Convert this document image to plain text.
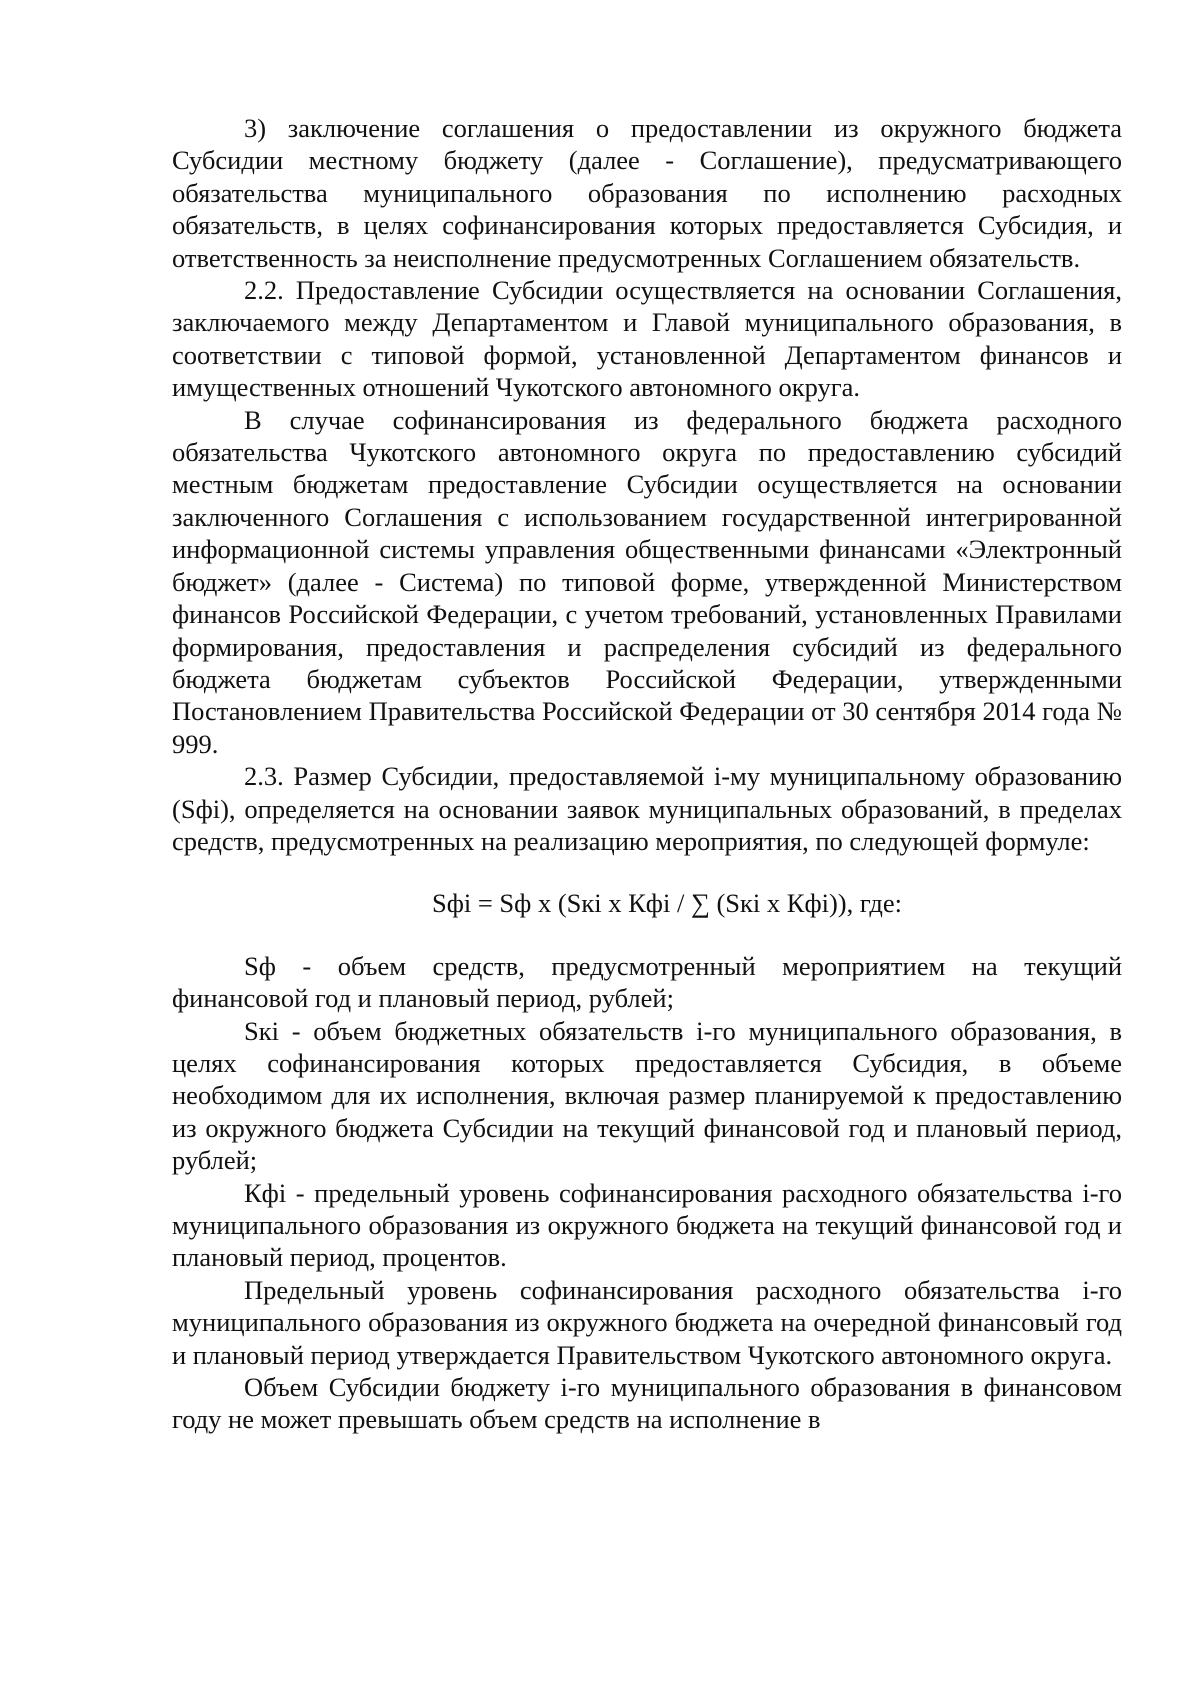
3) заключение соглашения о предоставлении из окружного бюджета Субсидии местному бюджету (далее - Соглашение), предусматривающего обязательства муниципального образования по исполнению расходных обязательств, в целях софинансирования которых предоставляется Субсидия, и ответственность за неисполнение предусмотренных Соглашением обязательств.

2.2. Предоставление Субсидии осуществляется на основании Соглашения, заключаемого между Департаментом и Главой муниципального образования, в соответствии с типовой формой, установленной Департаментом финансов и имущественных отношений Чукотского автономного округа.

В случае софинансирования из федерального бюджета расходного обязательства Чукотского автономного округа по предоставлению субсидий местным бюджетам предоставление Субсидии осуществляется на основании заключенного Соглашения с использованием государственной интегрированной информационной системы управления общественными финансами «Электронный бюджет» (далее - Система) по типовой форме, утвержденной Министерством финансов Российской Федерации, с учетом требований, установленных Правилами формирования, предоставления и распределения субсидий из федерального бюджета бюджетам субъектов Российской Федерации, утвержденными Постановлением Правительства Российской Федерации от 30 сентября 2014 года № 999.

2.3. Размер Субсидии, предоставляемой i-му муниципальному образованию (Sфi), определяется на основании заявок муниципальных образований, в пределах средств, предусмотренных на реализацию мероприятия, по следующей формуле:

Sфi = Sф x (Sкi x Кфi / ∑ (Sкi x Кфi)), где:

Sф - объем средств, предусмотренный мероприятием на текущий финансовой год и плановый период, рублей;

Sкi - объем бюджетных обязательств i-го муниципального образования, в целях софинансирования которых предоставляется Субсидия, в объеме необходимом для их исполнения, включая размер планируемой к предоставлению из окружного бюджета Субсидии на текущий финансовой год и плановый период, рублей;

Кфi - предельный уровень софинансирования расходного обязательства i-го муниципального образования из окружного бюджета на текущий финансовой год и плановый период, процентов.

Предельный уровень софинансирования расходного обязательства i-го муниципального образования из окружного бюджета на очередной финансовый год и плановый период утверждается Правительством Чукотского автономного округа.

Объем Субсидии бюджету i-го муниципального образования в финансовом году не может превышать объем средств на исполнение в
